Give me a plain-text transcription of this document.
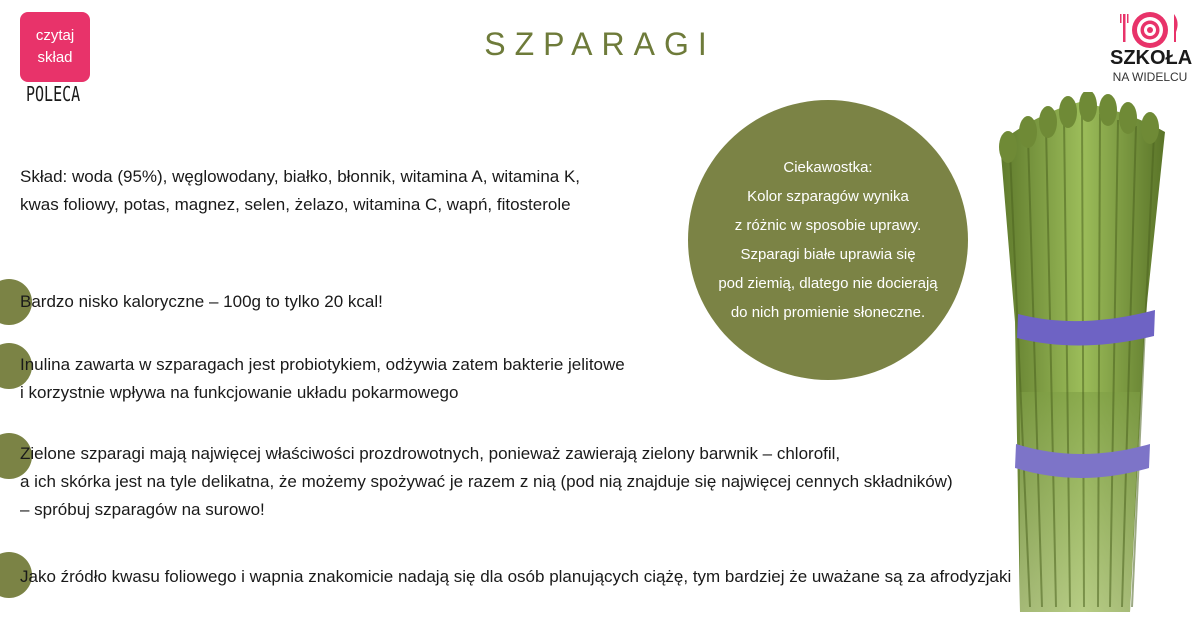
czytaj
skład
POLECA
SZPARAGI	SZKOŁA
NA WIDELCU
Skład: woda (95%), węglowodany, białko, błonnik, witamina A, witamina K,
kwas foliowy, potas, magnez, selen, żelazo, witamina C, wapń, fitosterole
Bardzo nisko kaloryczne – 100g to tylko 20 kcal!
Inulina zawarta w szparagach jest probiotykiem, odżywia zatem bakterie jelitowe
i korzystnie wpływa na funkcjowanie układu pokarmowego
Zielone szparagi mają najwięcej właściwości prozdrowotnych, ponieważ zawierają zielony barwnik – chlorofil,
a ich skórka jest na tyle delikatna, że możemy spożywać je razem z nią (pod nią znajduje się najwięcej cennych składników)
– spróbuj szparagów na surowo!
Jako źródło kwasu foliowego i wapnia znakomicie nadają się dla osób planujących ciążę, tym bardziej że uważane są za afrodyzjaki
Ciekawostka:
Kolor szparagów wynika
z różnic w sposobie uprawy.
Szparagi białe uprawia się
pod ziemią, dlatego nie docierają
do nich promienie słoneczne.
